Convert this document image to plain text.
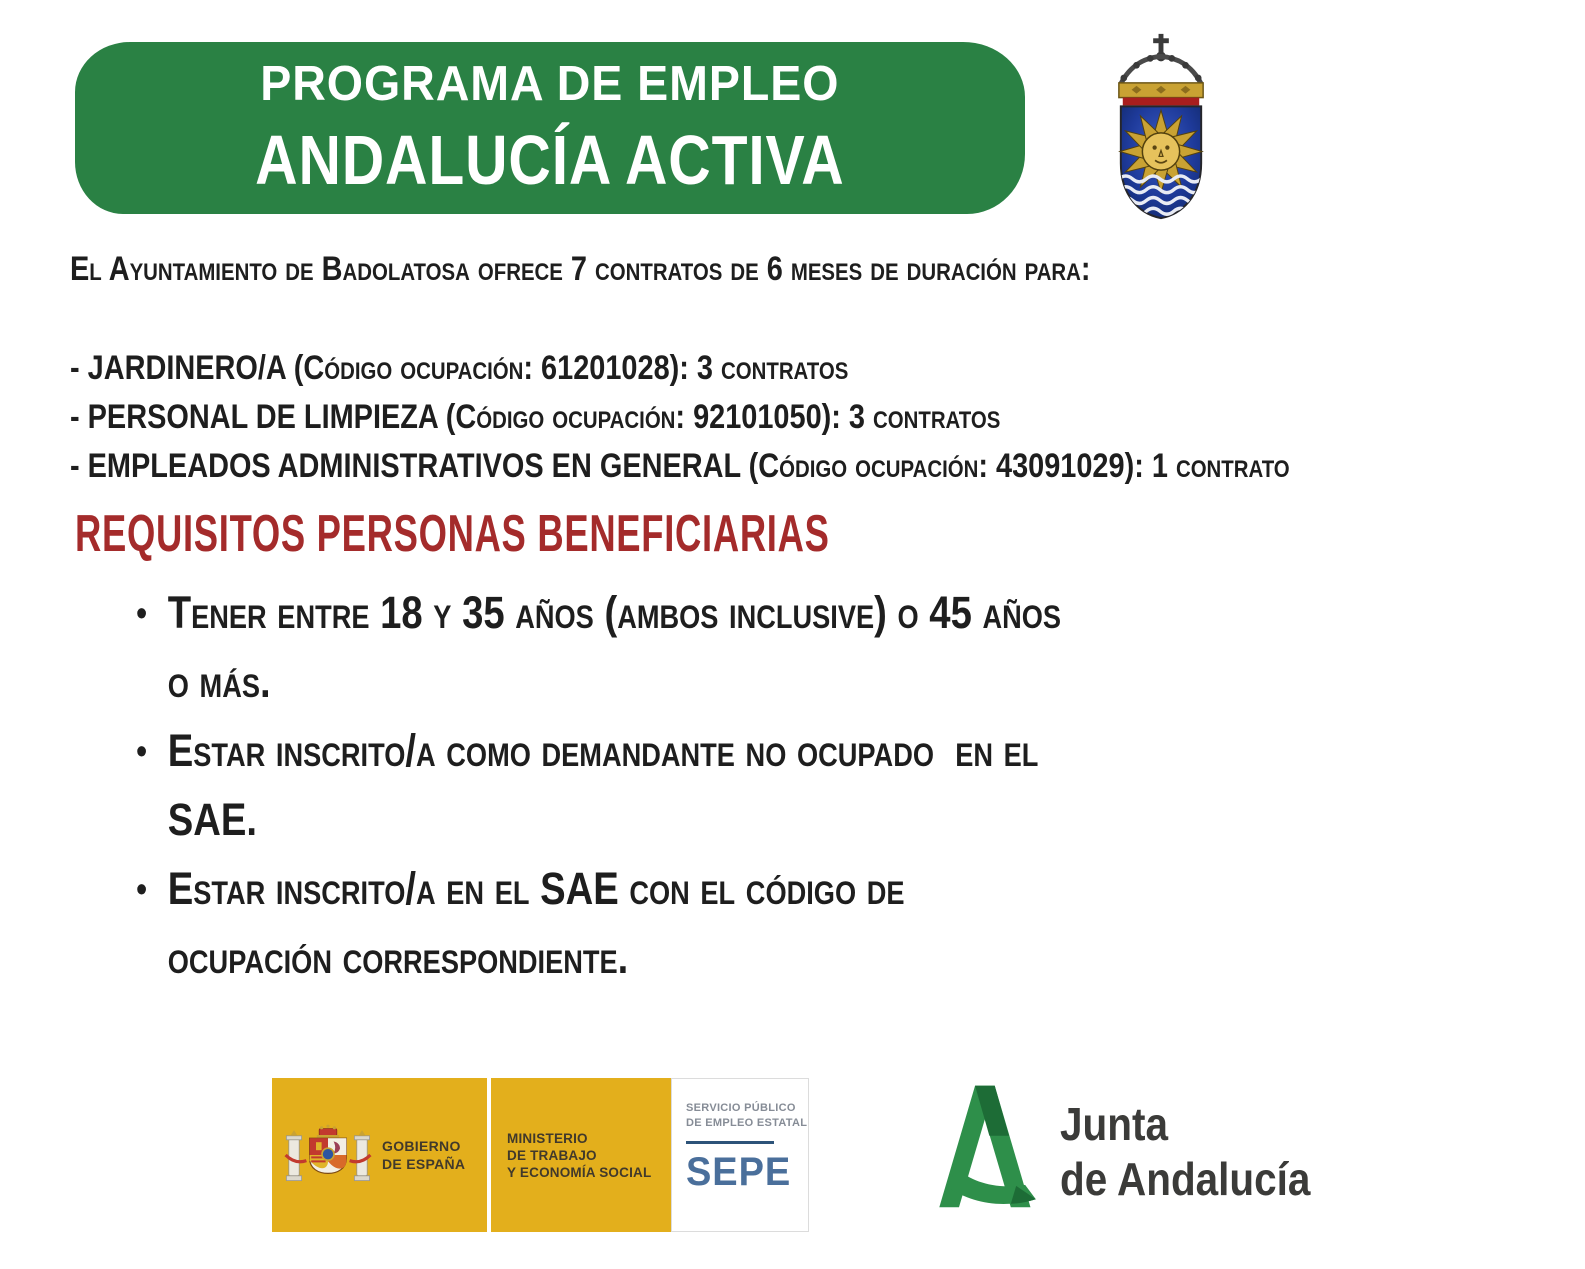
PROGRAMA DE EMPLEO
ANDALUCÍA ACTIVA
El Ayuntamiento de Badolatosa ofrece 7 contratos de 6 meses de duración para:
- JARDINERO/A (Código ocupación: 61201028): 3 contratos
- PERSONAL DE LIMPIEZA (Código ocupación: 92101050): 3 contratos
- EMPLEADOS ADMINISTRATIVOS EN GENERAL (Código ocupación: 43091029): 1 contrato
REQUISITOS PERSONAS BENEFICIARIAS
• Tener entre 18 y 35 años (ambos inclusive) o 45 años
o más.
• Estar inscrito/a como demandante no ocupado  en el
SAE.
• Estar inscrito/a en el SAE con el código de
ocupación correspondiente.
GOBIERNO
DE ESPAÑA
MINISTERIO
DE TRABAJO
Y ECONOMÍA SOCIAL
SERVICIO PÚBLICO
DE EMPLEO ESTATAL
SEPE
Junta
de Andalucía
